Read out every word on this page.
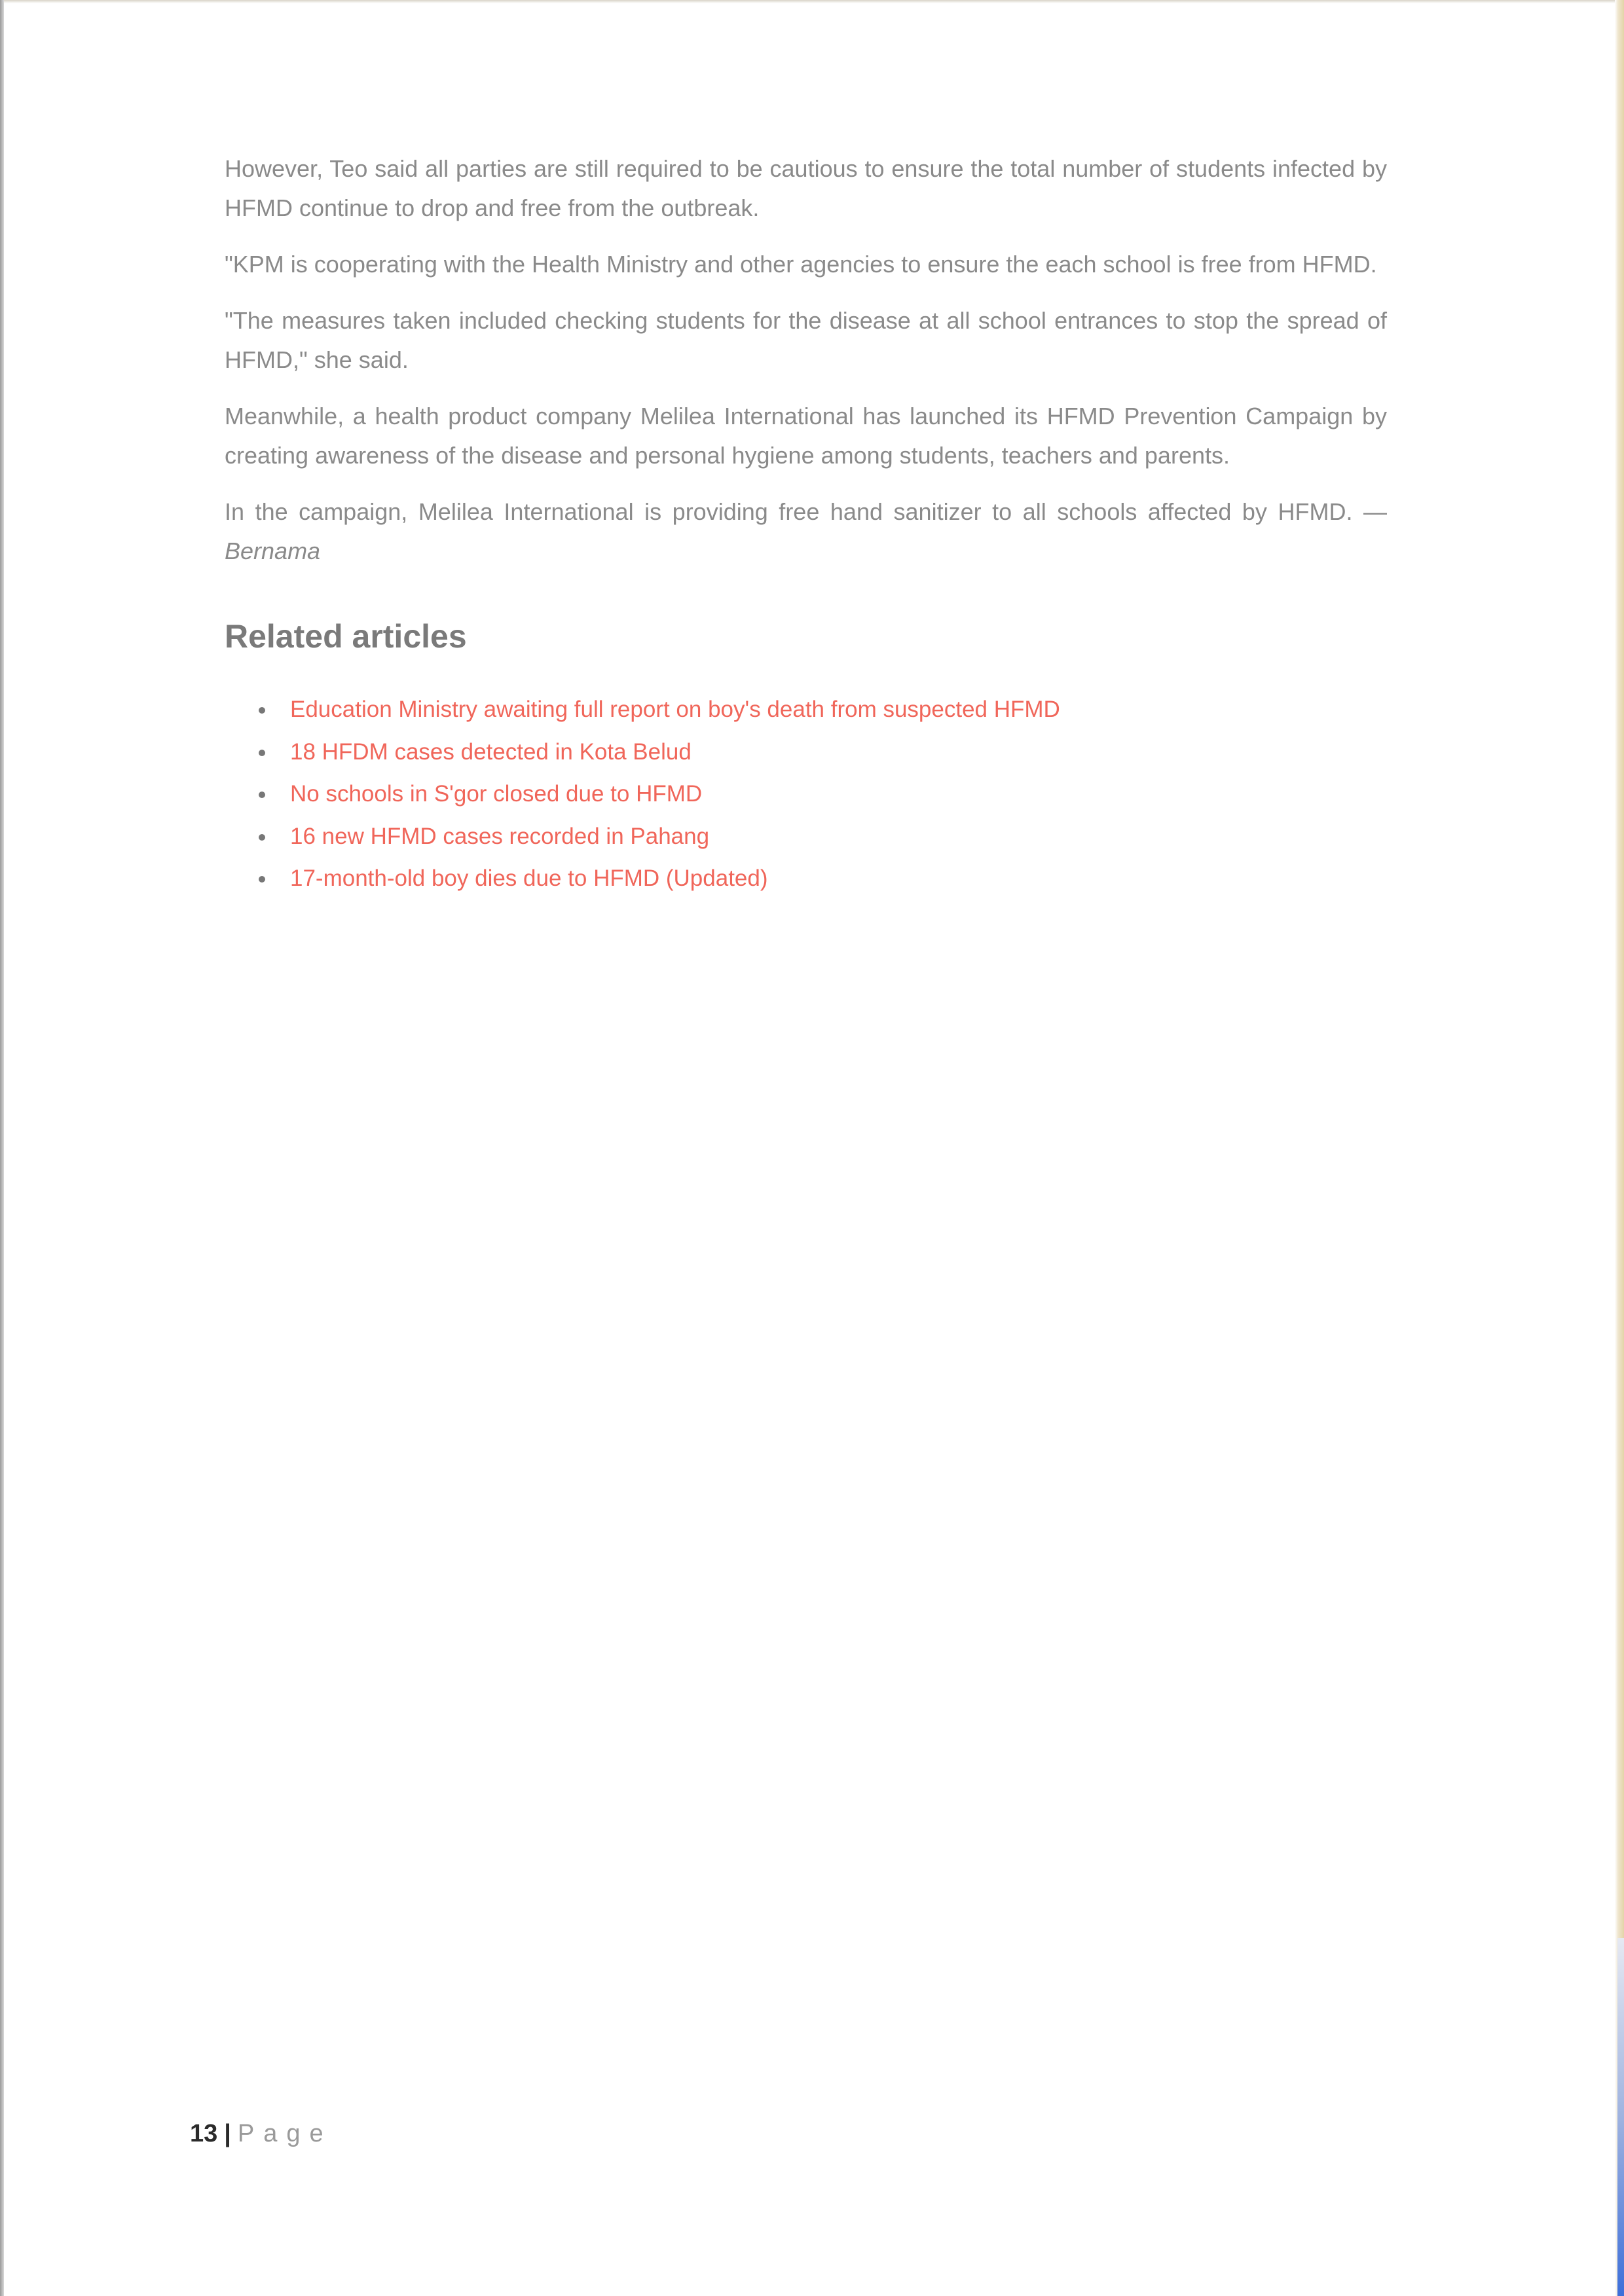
However, Teo said all parties are still required to be cautious to ensure the total number of students infected by HFMD continue to drop and free from the outbreak.

"KPM is cooperating with the Health Ministry and other agencies to ensure the each school is free from HFMD.

"The measures taken included checking students for the disease at all school entrances to stop the spread of HFMD," she said.

Meanwhile, a health product company Melilea International has launched its HFMD Prevention Campaign by creating awareness of the disease and personal hygiene among students, teachers and parents.

In the campaign, Melilea International is providing free hand sanitizer to all schools affected by HFMD. — Bernama

Related articles
Education Ministry awaiting full report on boy's death from suspected HFMD
18 HFDM cases detected in Kota Belud
No schools in S'gor closed due to HFMD
16 new HFMD cases recorded in Pahang
17-month-old boy dies due to HFMD (Updated)
13 | Page
